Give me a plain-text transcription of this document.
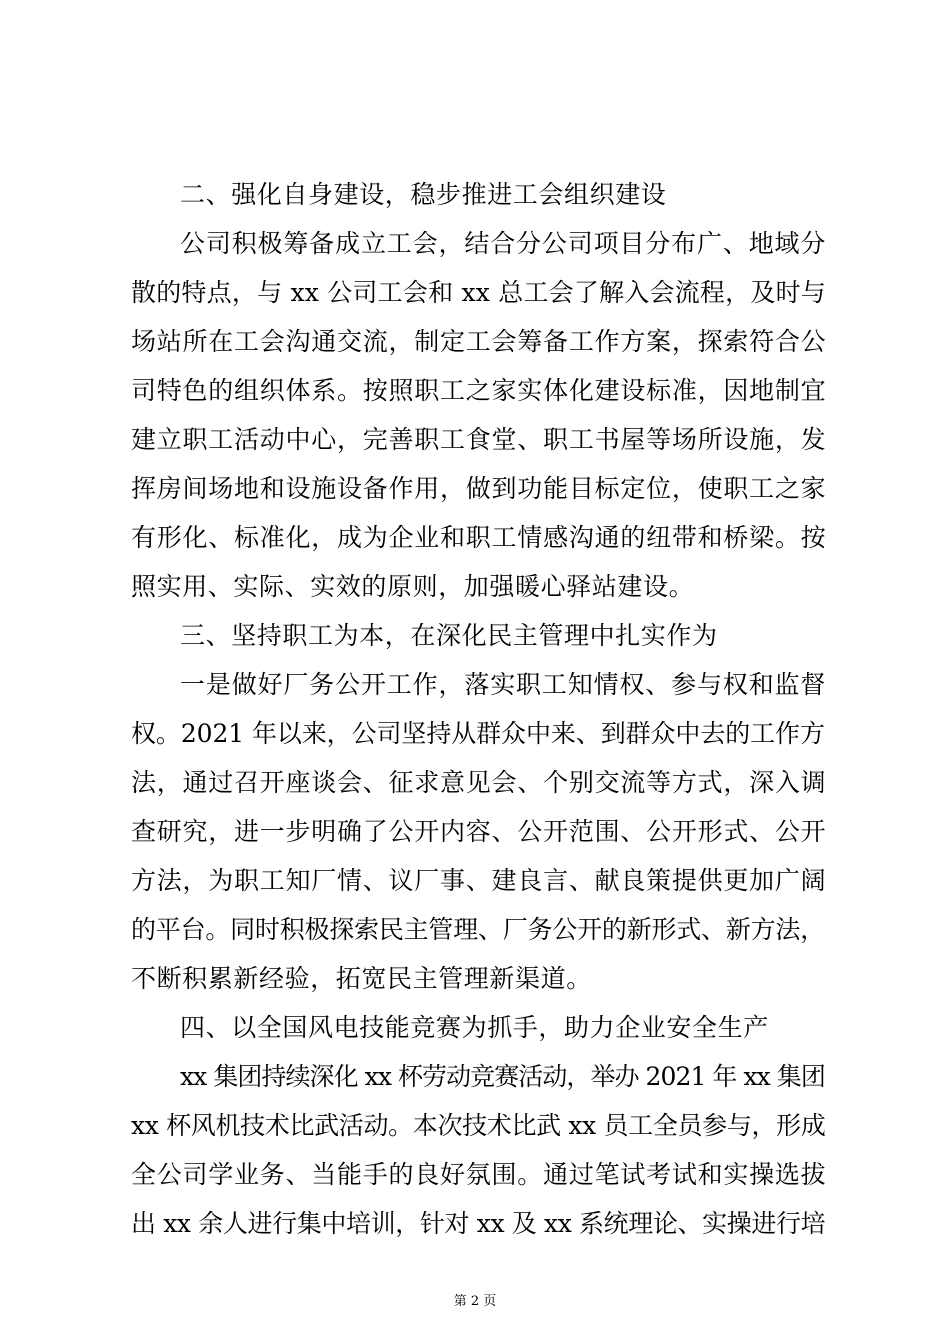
二、强化自身建设，稳步推进工会组织建设
公司积极筹备成立工会，结合分公司项目分布广、地域分
散的特点，与 xx 公司工会和 xx 总工会了解入会流程，及时与
场站所在工会沟通交流，制定工会筹备工作方案，探索符合公
司特色的组织体系。按照职工之家实体化建设标准，因地制宜
建立职工活动中心，完善职工食堂、职工书屋等场所设施，发
挥房间场地和设施设备作用，做到功能目标定位，使职工之家
有形化、标准化，成为企业和职工情感沟通的纽带和桥梁。按
照实用、实际、实效的原则，加强暖心驿站建设。
三、坚持职工为本，在深化民主管理中扎实作为
一是做好厂务公开工作，落实职工知情权、参与权和监督
权。2021 年以来，公司坚持从群众中来、到群众中去的工作方
法，通过召开座谈会、征求意见会、个别交流等方式，深入调
查研究，进一步明确了公开内容、公开范围、公开形式、公开
方法，为职工知厂情、议厂事、建良言、献良策提供更加广阔
的平台。同时积极探索民主管理、厂务公开的新形式、新方法，
不断积累新经验，拓宽民主管理新渠道。
四、以全国风电技能竞赛为抓手，助力企业安全生产
xx 集团持续深化 xx 杯劳动竞赛活动，举办 2021 年 xx 集团
xx 杯风机技术比武活动。本次技术比武 xx 员工全员参与，形成
全公司学业务、当能手的良好氛围。通过笔试考试和实操选拔
出 xx 余人进行集中培训，针对 xx 及 xx 系统理论、实操进行培
第 2 页
